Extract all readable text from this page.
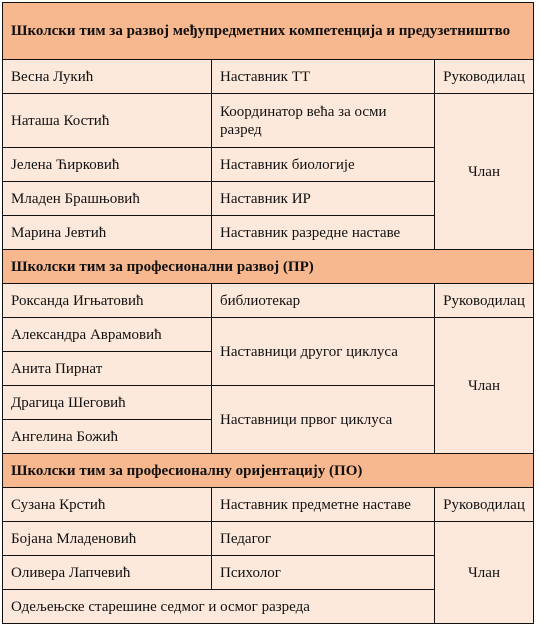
Школски тим за развој међупредметних компетенција и предузетништво		
Весна Лукић	Наставник ТТ	Руководилац
Наташа Костић	Координатор већа за осми разред	Члан
Јелена Ћирковић	Наставник биологије	
Младен Брашњовић	Наставник ИР	
Марина Јевтић	Наставник разредне наставе	
Школски тим за професионални развој (ПР)		
Роксанда Игњатовић	библиотекар	Руководилац
Александра Аврамовић	Наставници другог циклуса	Члан
Анита Пирнат		
Драгица Шеговић	Наставници првог циклуса	
Ангелина Божић		
Школски тим за професионалну оријентацију (ПО)		
Сузана Крстић	Наставник предметне наставе	Руководилац
Бојана Младеновић	Педагог	Члан
Оливера Лапчевић	Психолог	
Одељењске старешине седмог и осмог разреда		
